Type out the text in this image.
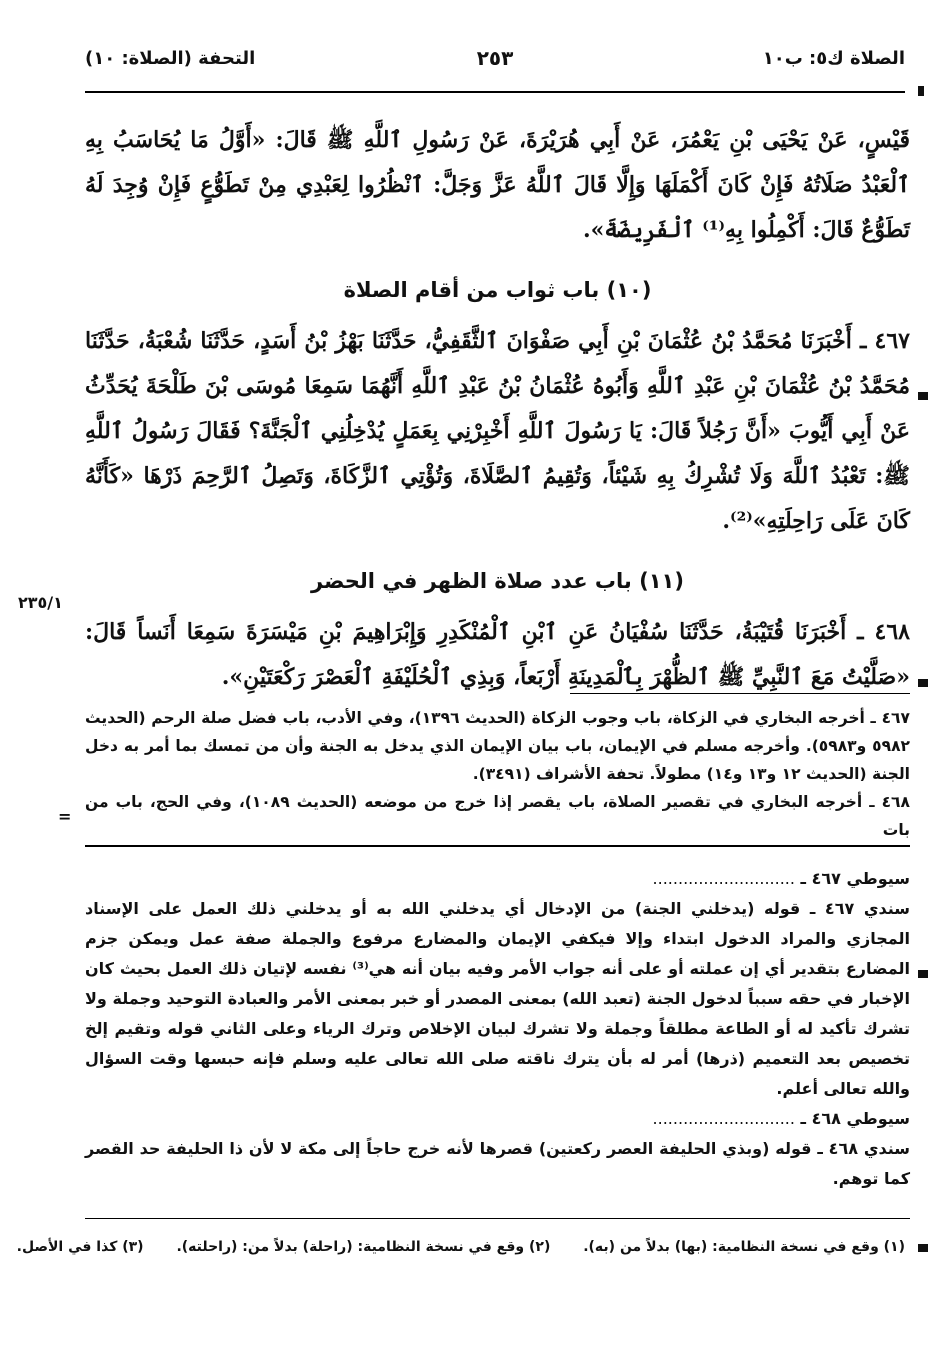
الصلاة ك٥: ب١٠
٢٥٣
التحفة (الصلاة: ١٠)

قَيْسٍ، عَنْ يَحْيَى بْنِ يَعْمُرَ، عَنْ أَبِي هُرَيْرَةَ، عَنْ رَسُولِ ٱللَّهِ ﷺ قَالَ: «أَوَّلُ مَا يُحَاسَبُ بِهِ ٱلْعَبْدُ صَلَاتُهُ فَإِنْ كَانَ أَكْمَلَهَا وَإِلَّا قَالَ ٱللَّهُ عَزَّ وَجَلَّ: ٱنْظُرُوا لِعَبْدِي مِنْ تَطَوُّعٍ فَإِنْ وُجِدَ لَهُ تَطَوُّعٌ قَالَ: أَكْمِلُوا بِهِ⁽¹⁾ ٱلْفَرِيضَةَ».

(١٠) باب ثواب من أقام الصلاة

٤٦٧ ـ أَخْبَرَنَا مُحَمَّدُ بْنُ عُثْمَانَ بْنِ أَبِي صَفْوَانَ ٱلثَّقَفِيُّ، حَدَّثَنَا بَهْزُ بْنُ أَسَدٍ، حَدَّثَنَا شُعْبَةُ، حَدَّثَنَا مُحَمَّدُ بْنُ عُثْمَانَ بْنِ عَبْدِ ٱللَّهِ وَأَبُوهُ عُثْمَانُ بْنُ عَبْدِ ٱللَّهِ أَنَّهُمَا سَمِعَا مُوسَى بْنَ طَلْحَةَ يُحَدِّثُ عَنْ أَبِي أَيُّوبَ «أَنَّ رَجُلاً قَالَ: يَا رَسُولَ ٱللَّهِ أَخْبِرْنِي بِعَمَلٍ يُدْخِلُنِي ٱلْجَنَّةَ؟ فَقَالَ رَسُولُ ٱللَّهِ ﷺ: تَعْبُدُ ٱللَّهَ وَلَا تُشْرِكُ بِهِ شَيْئاً، وَتُقِيمُ ٱلصَّلَاةَ، وَتُؤْتِي ٱلزَّكَاةَ، وَتَصِلُ ٱلرَّحِمَ ذَرْهَا «كَأَنَّهُ كَانَ عَلَى رَاحِلَتِهِ»⁽²⁾.

(١١) باب عدد صلاة الظهر في الحضر

٤٦٨ ـ أَخْبَرَنَا قُتَيْبَةُ، حَدَّثَنَا سُفْيَانُ عَنِ ٱبْنِ ٱلْمُنْكَدِرِ وَإِبْرَاهِيمَ بْنِ مَيْسَرَةَ سَمِعَا أَنَساً قَالَ: «صَلَّيْتُ مَعَ ٱلنَّبِيِّ ﷺ ٱلظُّهْرَ بِٱلْمَدِينَةِ أَرْبَعاً، وَبِذِي ٱلْحُلَيْفَةِ ٱلْعَصْرَ رَكْعَتَيْنِ».

٢٣٥/١

٤٦٧ ـ أخرجه البخاري في الزكاة، باب وجوب الزكاة (الحديث ١٣٩٦)، وفي الأدب، باب فضل صلة الرحم (الحديث ٥٩٨٢ و٥٩٨٣). وأخرجه مسلم في الإيمان، باب بيان الإيمان الذي يدخل به الجنة وأن من تمسك بما أمر به دخل الجنة (الحديث ١٢ و١٣ و١٤) مطولاً. تحفة الأشراف (٣٤٩١).

٤٦٨ ـ أخرجه البخاري في تقصير الصلاة، باب يقصر إذا خرج من موضعه (الحديث ١٠٨٩)، وفي الحج، باب من بات

=

سيوطي ٤٦٧ ـ ............................

سندي ٤٦٧ ـ قوله (يدخلني الجنة) من الإدخال أي يدخلني الله به أو يدخلني ذلك العمل على الإسناد المجازي والمراد الدخول ابتداء وإلا فيكفي الإيمان والمضارع مرفوع والجملة صفة عمل ويمكن جزم المضارع بتقدير أي إن عملته أو على أنه جواب الأمر وفيه بيان أنه هي⁽³⁾ نفسه لإتيان ذلك العمل بحيث كان الإخبار في حقه سبباً لدخول الجنة (تعبد الله) بمعنى المصدر أو خبر بمعنى الأمر والعبادة التوحيد وجملة ولا تشرك تأكيد له أو الطاعة مطلقاً وجملة ولا تشرك لبيان الإخلاص وترك الرياء وعلى الثاني قوله وتقيم إلخ تخصيص بعد التعميم (ذرها) أمر له بأن يترك ناقته صلى الله تعالى عليه وسلم فإنه حبسها وقت السؤال والله تعالى أعلم.

سيوطي ٤٦٨ ـ ............................

سندي ٤٦٨ ـ قوله (وبذي الحليفة العصر ركعتين) قصرها لأنه خرج حاجاً إلى مكة لا لأن ذا الحليفة حد القصر كما توهم.

(١) وقع في نسخة النظامية: (بها) بدلاً من (به). (٢) وقع في نسخة النظامية: (راحلة) بدلاً من: (راحلته). (٣) كذا في الأصل.
